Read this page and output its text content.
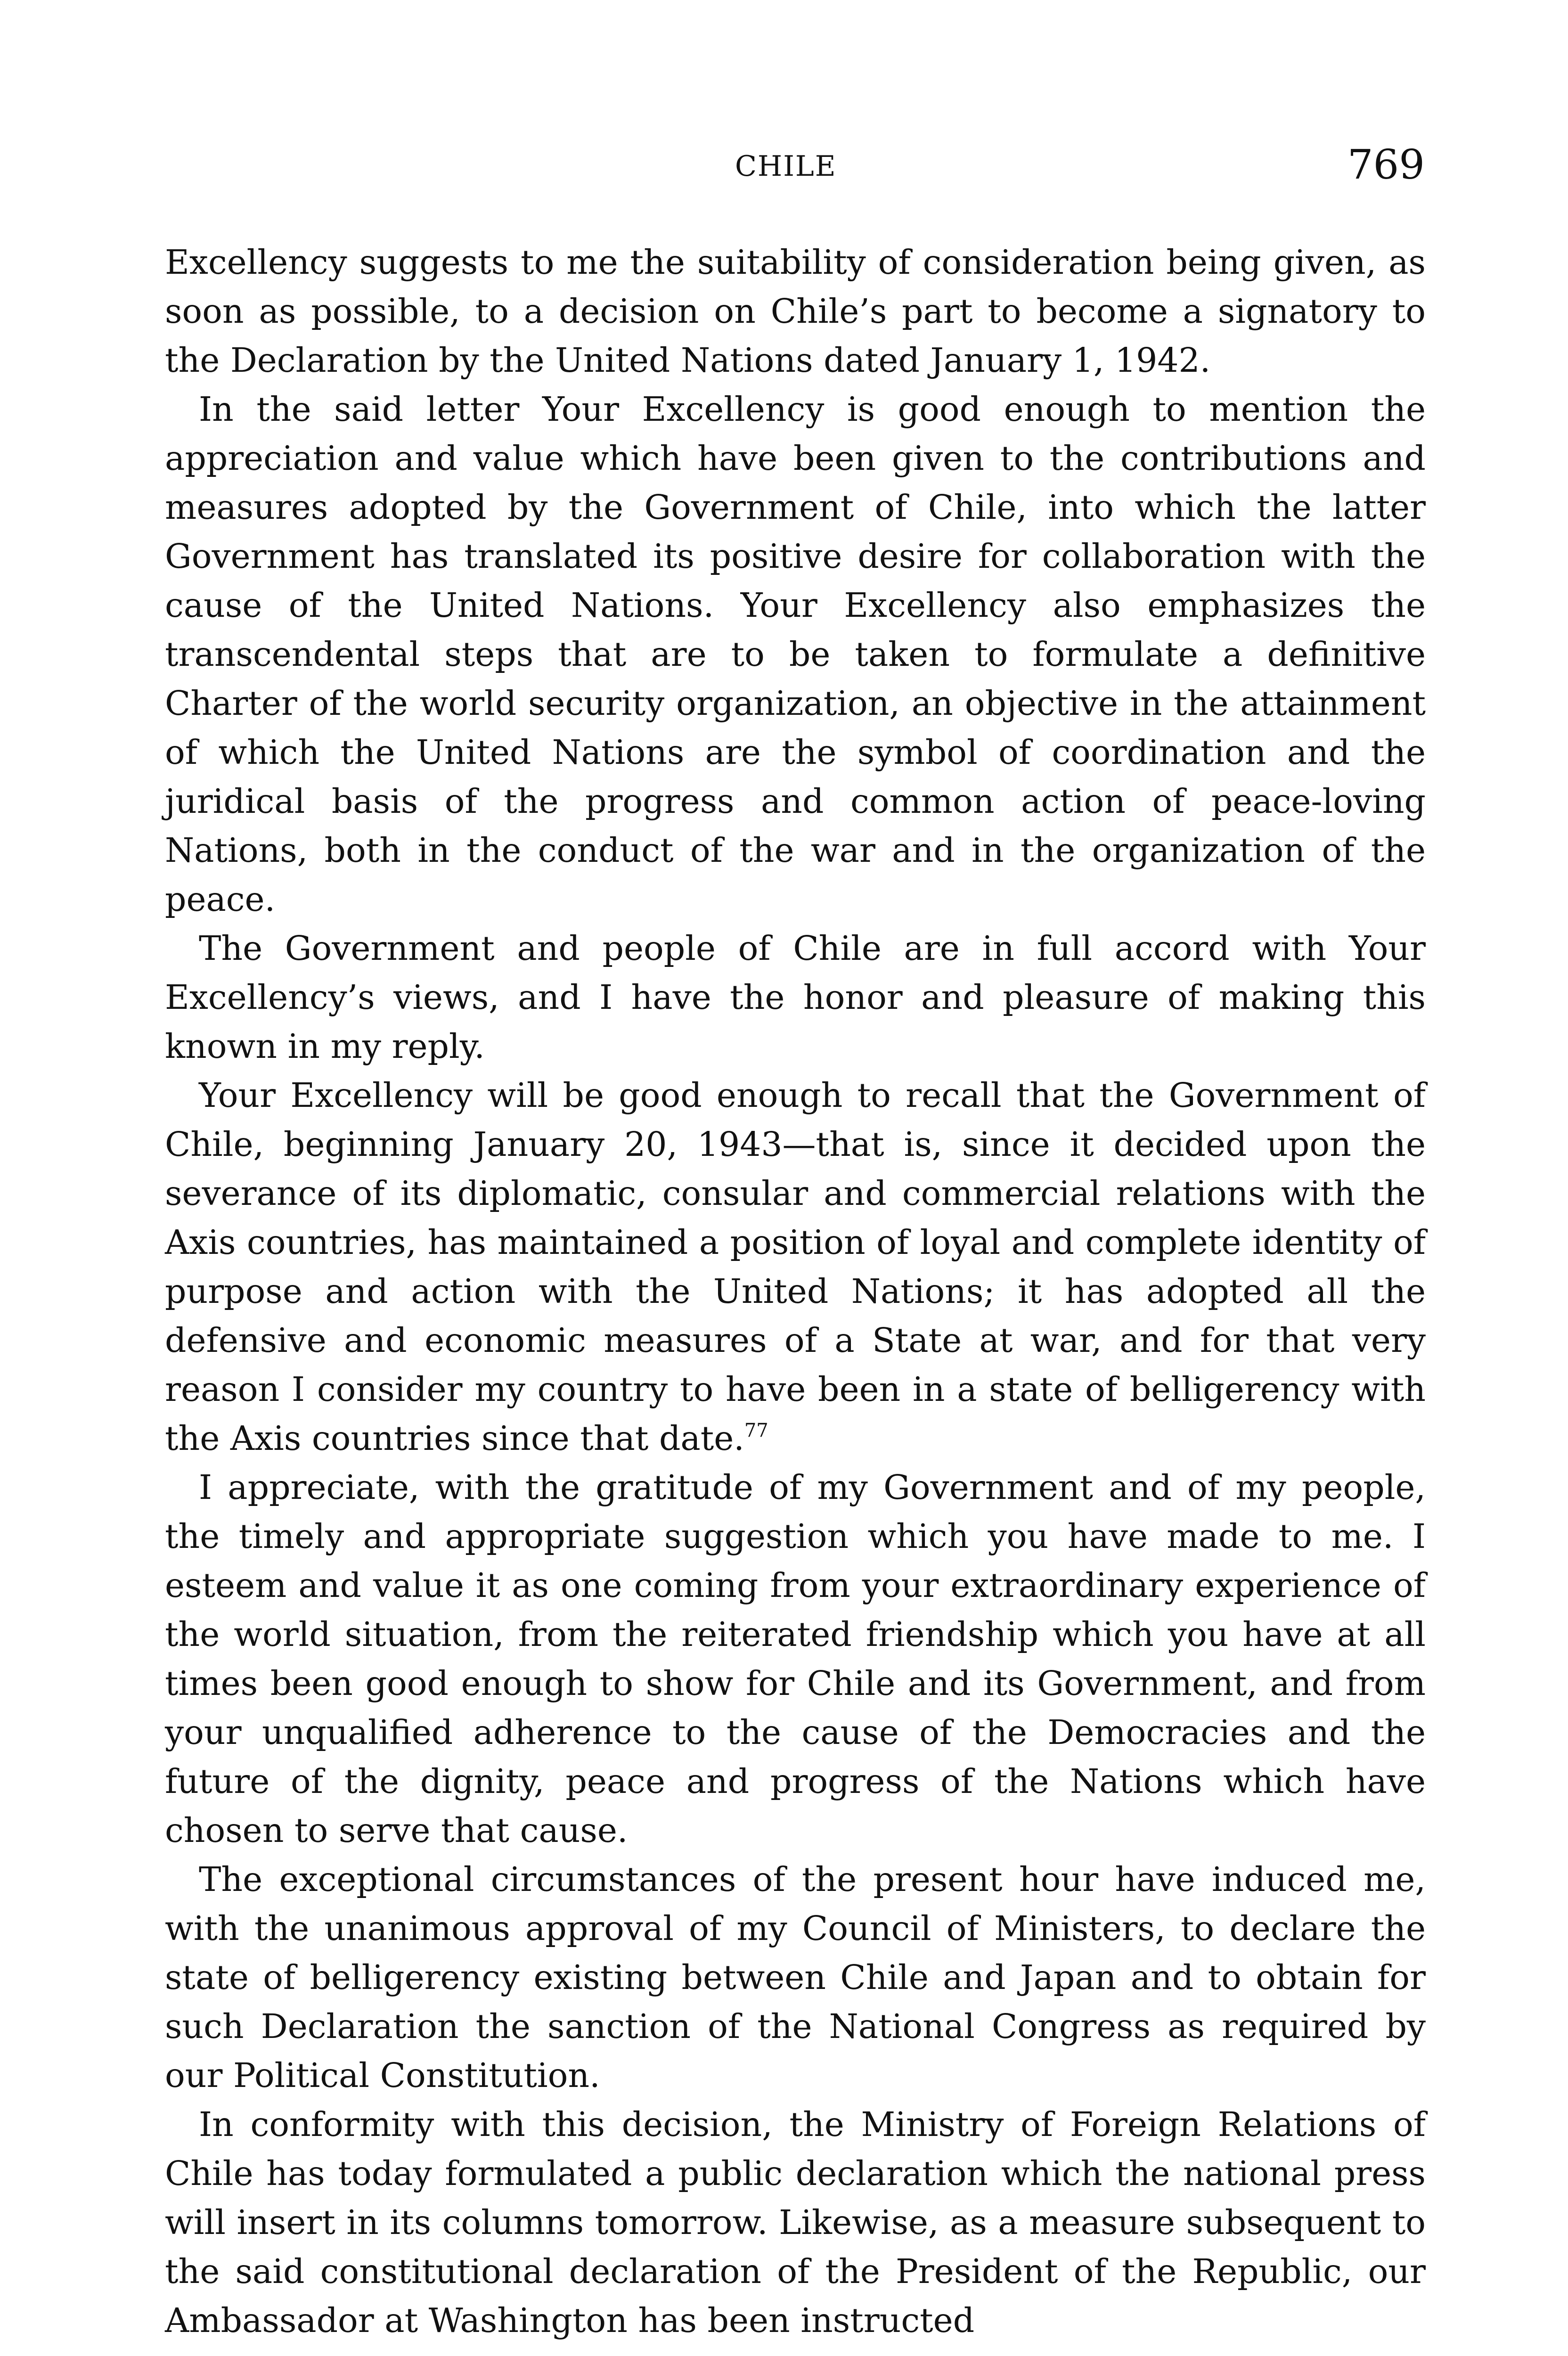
CHILE	769

Excellency suggests to me the suitability of consideration being given, as soon as possible, to a decision on Chile’s part to become a signatory to the Declaration by the United Nations dated January 1, 1942.

In the said letter Your Excellency is good enough to mention the appreciation and value which have been given to the contributions and measures adopted by the Government of Chile, into which the latter Government has translated its positive desire for collaboration with the cause of the United Nations. Your Excellency also emphasizes the transcendental steps that are to be taken to formulate a definitive Charter of the world security organization, an objective in the attainment of which the United Nations are the symbol of coordination and the juridical basis of the progress and common action of peace-loving Nations, both in the conduct of the war and in the organization of the peace.

The Government and people of Chile are in full accord with Your Excellency’s views, and I have the honor and pleasure of making this known in my reply.

Your Excellency will be good enough to recall that the Government of Chile, beginning January 20, 1943—that is, since it decided upon the severance of its diplomatic, consular and commercial relations with the Axis countries, has maintained a position of loyal and complete identity of purpose and action with the United Nations; it has adopted all the defensive and economic measures of a State at war, and for that very reason I consider my country to have been in a state of belligerency with the Axis countries since that date.$^{77}$

I appreciate, with the gratitude of my Government and of my people, the timely and appropriate suggestion which you have made to me. I esteem and value it as one coming from your extraordinary experience of the world situation, from the reiterated friendship which you have at all times been good enough to show for Chile and its Government, and from your unqualified adherence to the cause of the Democracies and the future of the dignity, peace and progress of the Nations which have chosen to serve that cause.

The exceptional circumstances of the present hour have induced me, with the unanimous approval of my Council of Ministers, to declare the state of belligerency existing between Chile and Japan and to obtain for such Declaration the sanction of the National Congress as required by our Political Constitution.

In conformity with this decision, the Ministry of Foreign Relations of Chile has today formulated a public declaration which the national press will insert in its columns tomorrow. Likewise, as a measure subsequent to the said constitutional declaration of the President of the Republic, our Ambassador at Washington has been instructed
